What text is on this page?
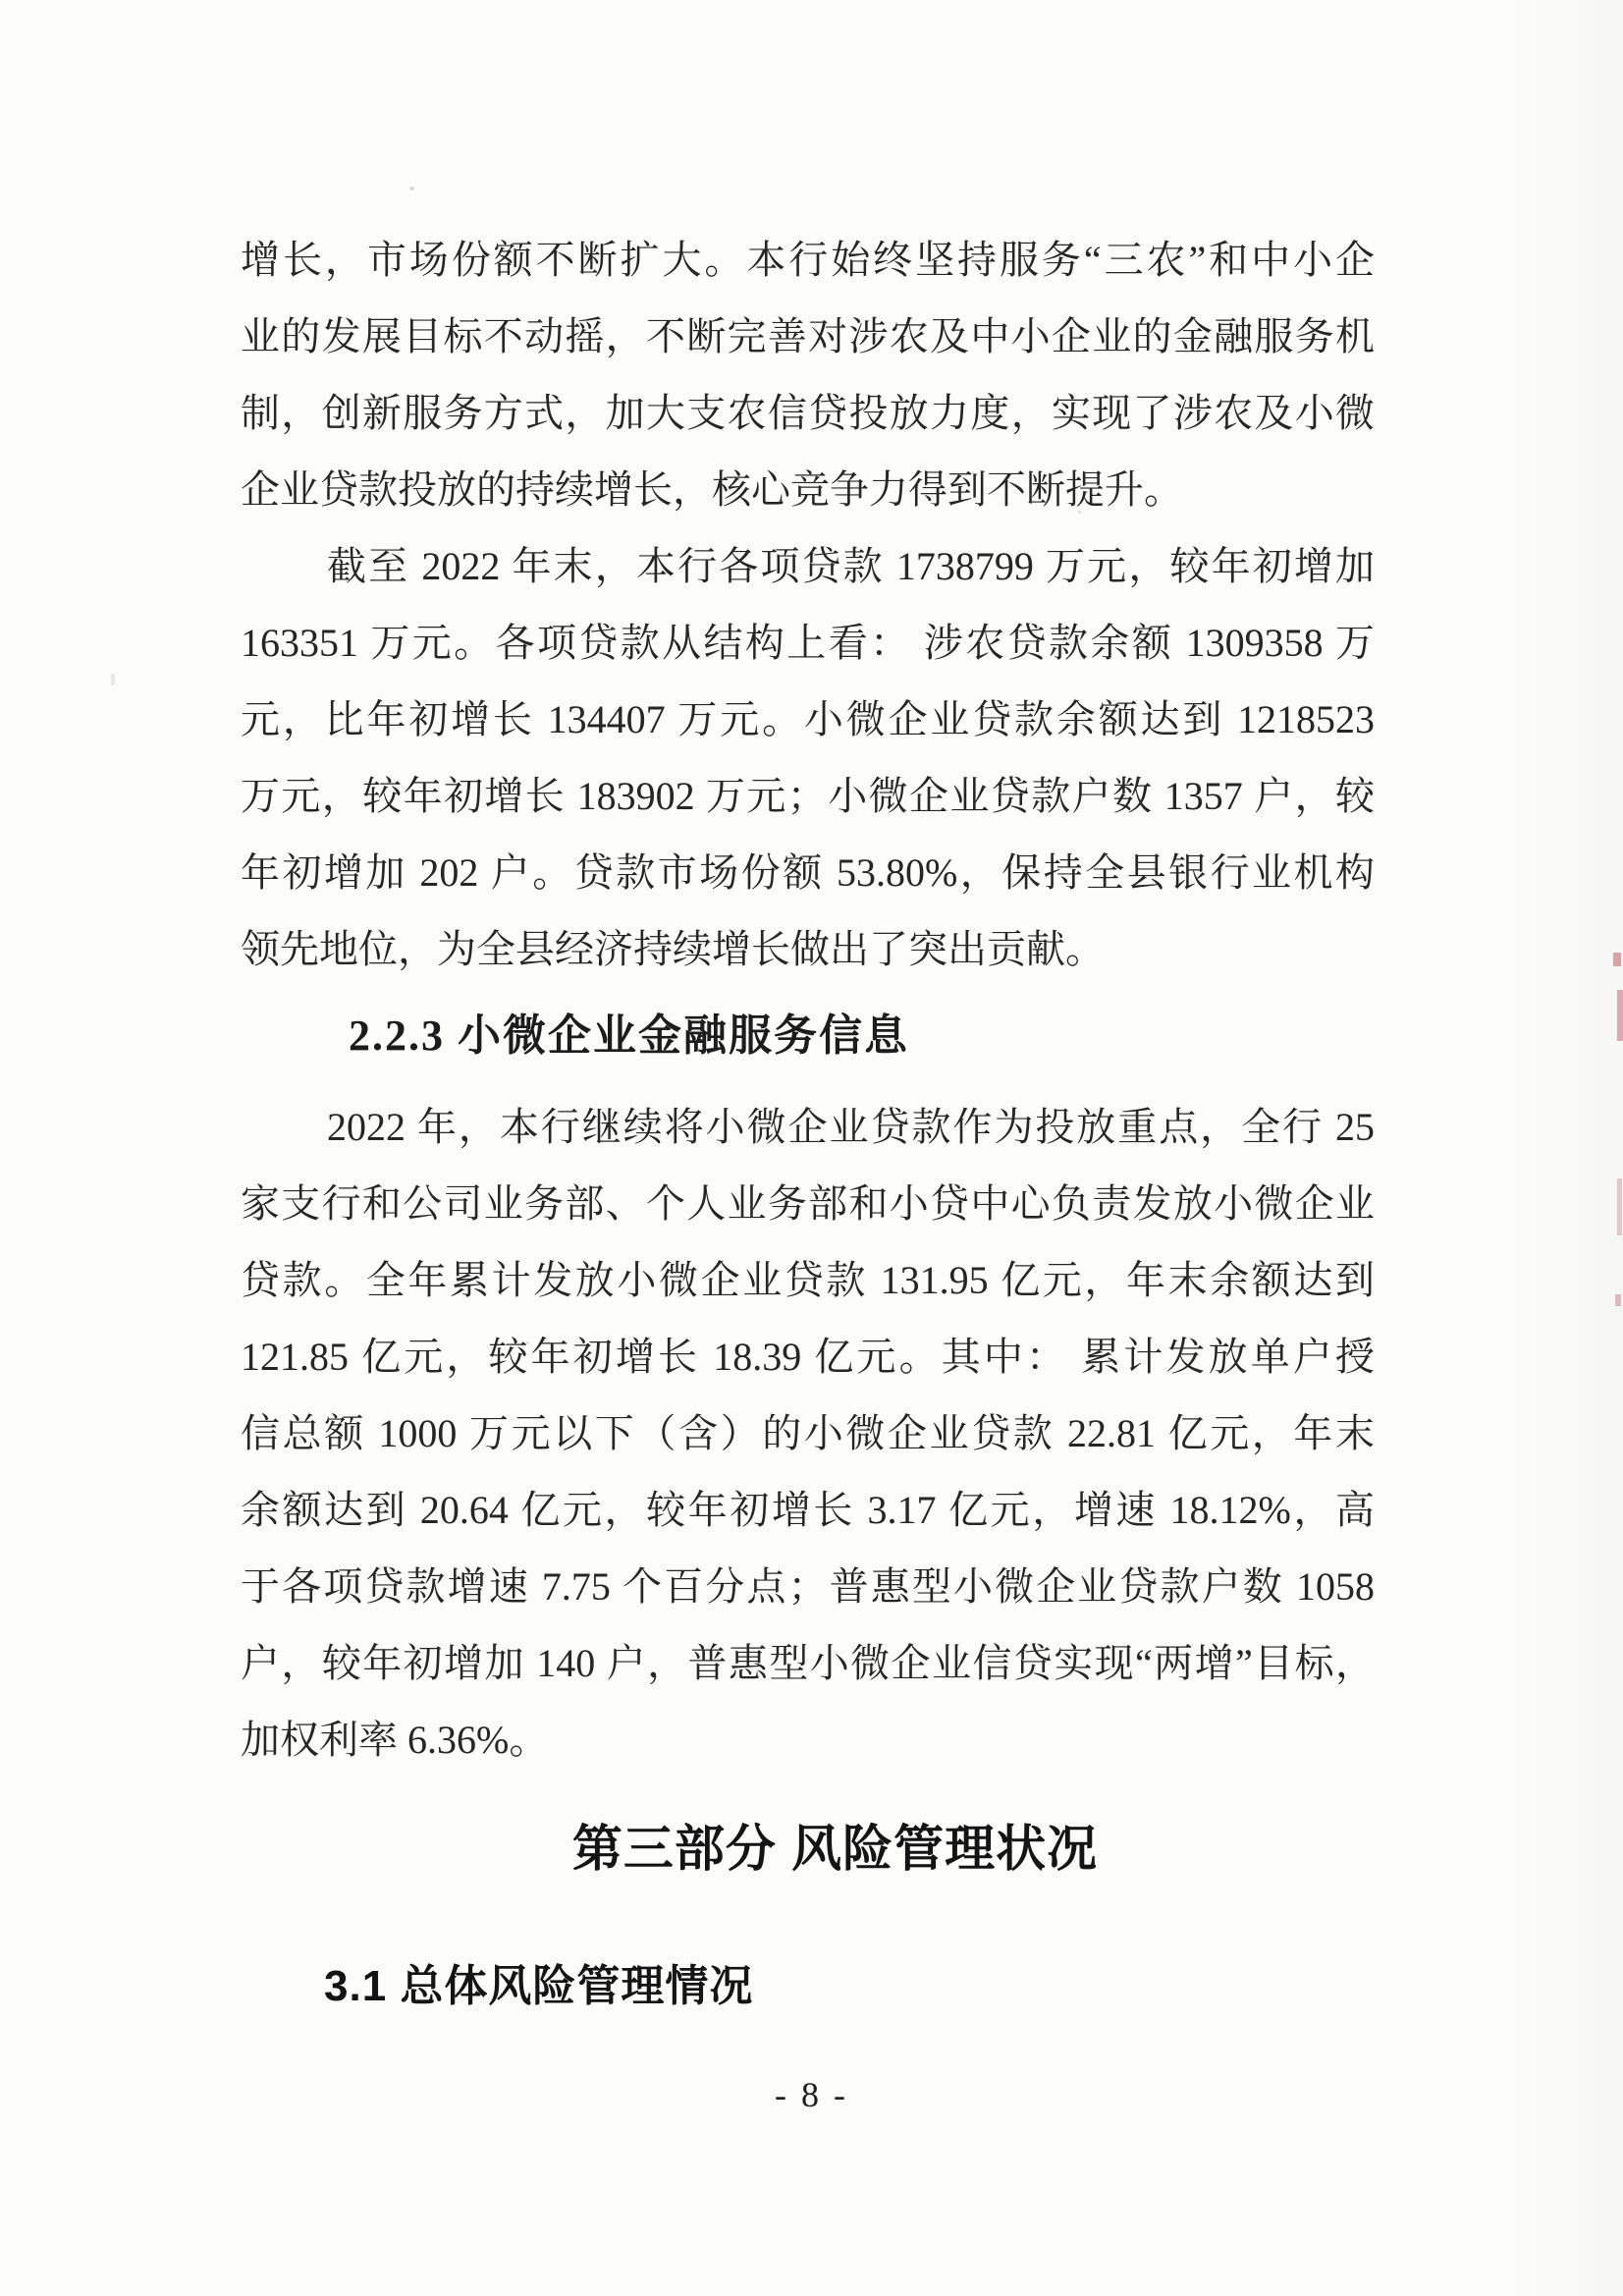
增长，市场份额不断扩大。本行始终坚持服务“三农”和中小企
业的发展目标不动摇，不断完善对涉农及中小企业的金融服务机
制，创新服务方式，加大支农信贷投放力度，实现了涉农及小微
企业贷款投放的持续增长，核心竞争力得到不断提升。
截至 2022 年末，本行各项贷款 1738799 万元，较年初增加
163351 万元。各项贷款从结构上看： 涉农贷款余额 1309358 万
元，比年初增长 134407 万元。小微企业贷款余额达到 1218523
万元，较年初增长 183902 万元；小微企业贷款户数 1357 户，较
年初增加 202 户。贷款市场份额 53.80%，保持全县银行业机构
领先地位，为全县经济持续增长做出了突出贡献。
2.2.3 小微企业金融服务信息
2022 年，本行继续将小微企业贷款作为投放重点，全行 25
家支行和公司业务部、个人业务部和小贷中心负责发放小微企业
贷款。全年累计发放小微企业贷款 131.95 亿元，年末余额达到
121.85 亿元，较年初增长 18.39 亿元。其中： 累计发放单户授
信总额 1000 万元以下（含）的小微企业贷款 22.81 亿元，年末
余额达到 20.64 亿元，较年初增长 3.17 亿元，增速 18.12%，高
于各项贷款增速 7.75 个百分点；普惠型小微企业贷款户数 1058
户，较年初增加 140 户，普惠型小微企业信贷实现“两增”目标，
加权利率 6.36%。
第三部分 风险管理状况
3.1 总体风险管理情况
- 8 -
